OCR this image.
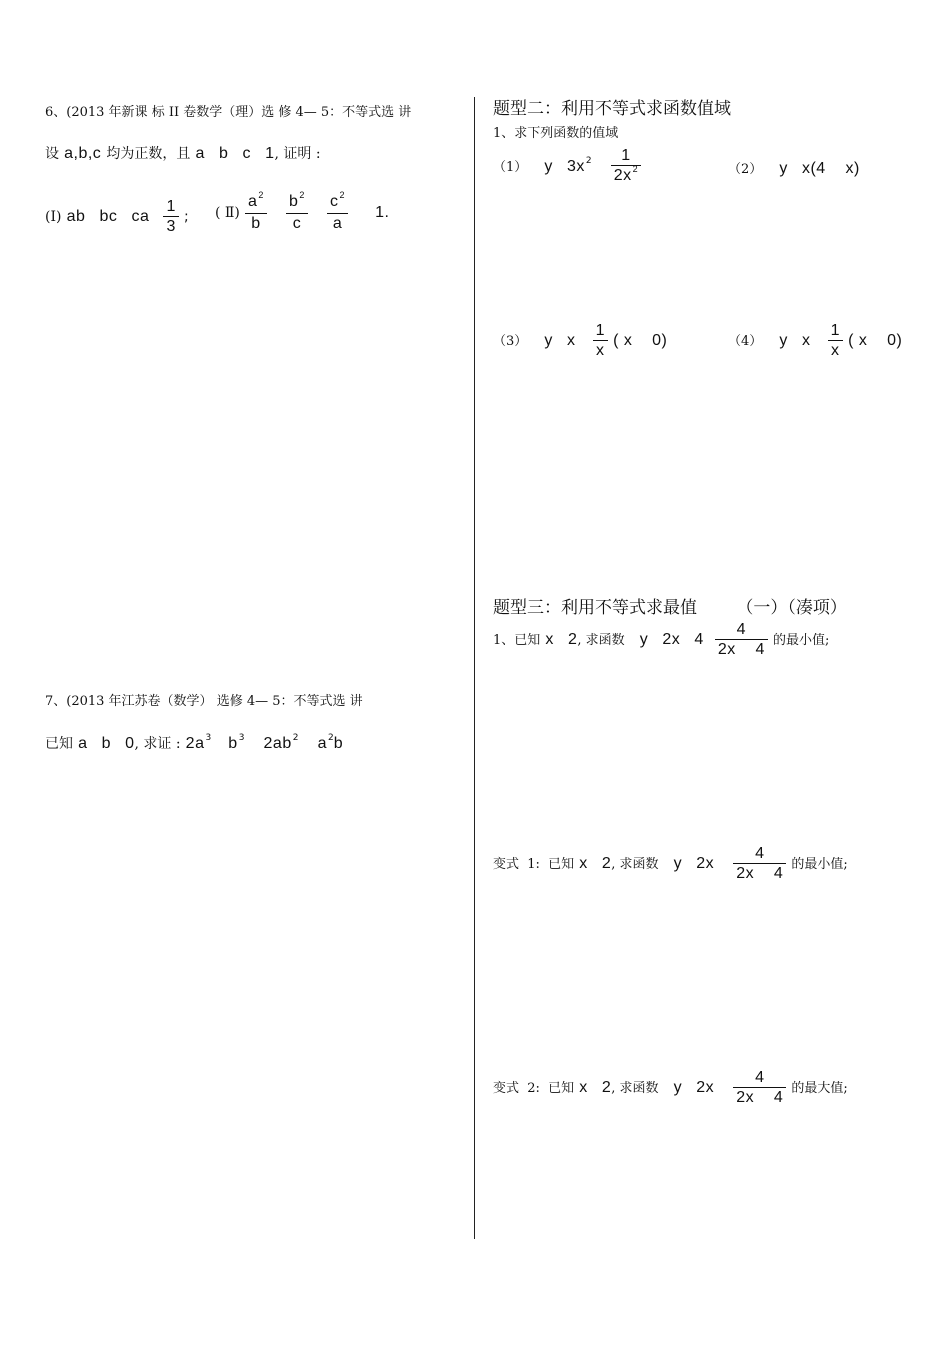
6、(2013 年新课 标 II 卷数学（理）选 修 4— 5：不等式选 讲
设 a,b,c 均为正数，且 a b c 1, 证明 :
(Ⅰ) ab bc ca $\frac{1}{3}$ ; ( Ⅱ) $\frac{a^2}{b}$
$\frac{b^2}{c}$
$\frac{c^2}{a} 1$.
7、(2013 年江苏卷（数学） 选修 4— 5：不等式选 讲
已知 a b 0, 求证 : $2a^3$ $b^3$ $2ab^2$ $a^2b$
题型二：利用不等式求函数值域
1、求下列函数的值域
（1） y $3x^2 \frac{1}{2x^2}$	（2） y x(4    x)
（3） y x $\frac{1}{x}$ ( x    0)	（4） y x $\frac{1}{x}$ ( x    0)
题型三：利用不等式求最值 （一）（凑项）
1、已知 x 2, 求函数 y 2x $4 \frac{4}{2x 4}$ 的最小值;
变式  1:  已知 x 2, 求函数 y $2x \frac{4}{2x 4}$ 的最小值;
变式  2:  已知 x 2, 求函数 y $2x \frac{4}{2x 4}$ 的最大值;
